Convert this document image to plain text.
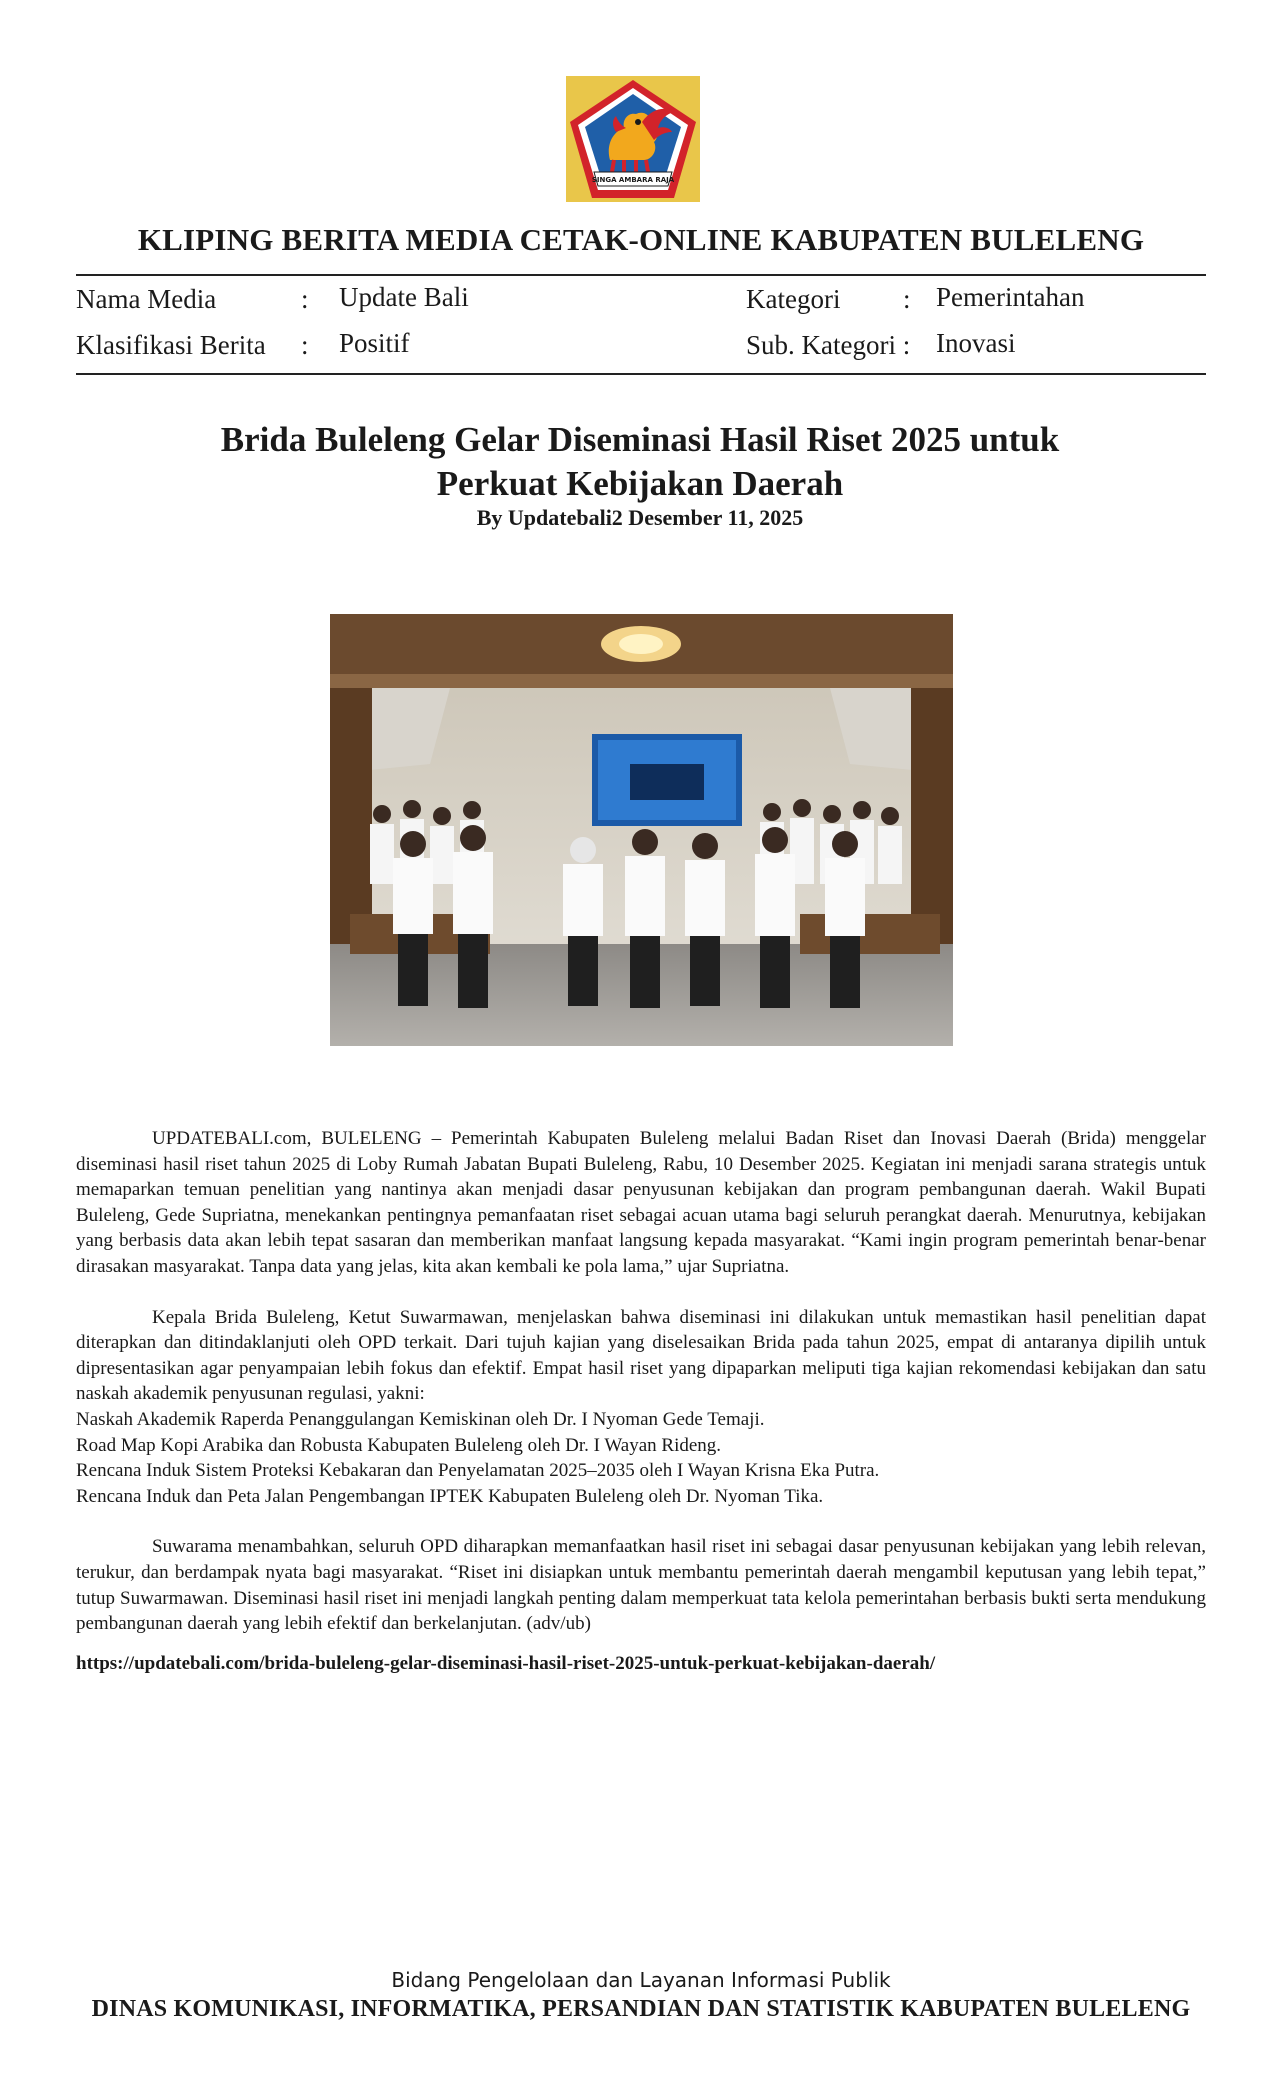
SINGA AMBARA RAJA
KLIPING BERITA MEDIA CETAK-ONLINE KABUPATEN BULELENG
Nama Media	: Update Bali
Klasifikasi Berita : Positif
Kategori : Pemerintahan
Sub. Kategori : Inovasi
Brida Buleleng Gelar Diseminasi Hasil Riset 2025 untuk
Perkuat Kebijakan Daerah
By Updatebali2 Desember 11, 2025

UPDATEBALI.com, BULELENG – Pemerintah Kabupaten Buleleng melalui Badan Riset dan Inovasi Daerah (Brida) menggelar diseminasi hasil riset tahun 2025 di Loby Rumah Jabatan Bupati Buleleng, Rabu, 10 Desember 2025. Kegiatan ini menjadi sarana strategis untuk memaparkan temuan penelitian yang nantinya akan menjadi dasar penyusunan kebijakan dan program pembangunan daerah. Wakil Bupati Buleleng, Gede Supriatna, menekankan pentingnya pemanfaatan riset sebagai acuan utama bagi seluruh perangkat daerah. Menurutnya, kebijakan yang berbasis data akan lebih tepat sasaran dan memberikan manfaat langsung kepada masyarakat. “Kami ingin program pemerintah benar-benar dirasakan masyarakat. Tanpa data yang jelas, kita akan kembali ke pola lama,” ujar Supriatna.

Kepala Brida Buleleng, Ketut Suwarmawan, menjelaskan bahwa diseminasi ini dilakukan untuk memastikan hasil penelitian dapat diterapkan dan ditindaklanjuti oleh OPD terkait. Dari tujuh kajian yang diselesaikan Brida pada tahun 2025, empat di antaranya dipilih untuk dipresentasikan agar penyampaian lebih fokus dan efektif. Empat hasil riset yang dipaparkan meliputi tiga kajian rekomendasi kebijakan dan satu naskah akademik penyusunan regulasi, yakni:

Naskah Akademik Raperda Penanggulangan Kemiskinan oleh Dr. I Nyoman Gede Temaji.

Road Map Kopi Arabika dan Robusta Kabupaten Buleleng oleh Dr. I Wayan Rideng.

Rencana Induk Sistem Proteksi Kebakaran dan Penyelamatan 2025–2035 oleh I Wayan Krisna Eka Putra.

Rencana Induk dan Peta Jalan Pengembangan IPTEK Kabupaten Buleleng oleh Dr. Nyoman Tika.

Suwarama menambahkan, seluruh OPD diharapkan memanfaatkan hasil riset ini sebagai dasar penyusunan kebijakan yang lebih relevan, terukur, dan berdampak nyata bagi masyarakat. “Riset ini disiapkan untuk membantu pemerintah daerah mengambil keputusan yang lebih tepat,” tutup Suwarmawan. Diseminasi hasil riset ini menjadi langkah penting dalam memperkuat tata kelola pemerintahan berbasis bukti serta mendukung pembangunan daerah yang lebih efektif dan berkelanjutan. (adv/ub)

https://updatebali.com/brida-buleleng-gelar-diseminasi-hasil-riset-2025-untuk-perkuat-kebijakan-daerah/

Bidang Pengelolaan dan Layanan Informasi Publik
DINAS KOMUNIKASI, INFORMATIKA, PERSANDIAN DAN STATISTIK KABUPATEN BULELENG
